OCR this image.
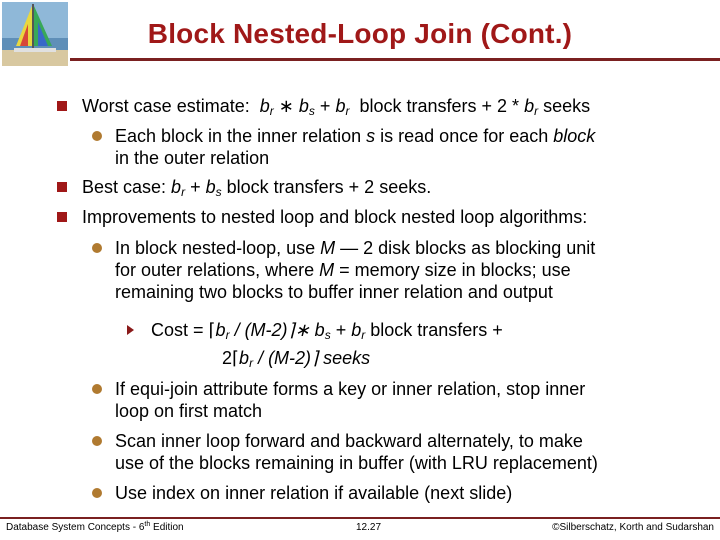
Block Nested-Loop Join (Cont.)
Worst case estimate: $b_r$ ∗ $b_s + b_r$ block transfers + $2 * b_r$ seeks
Each block in the inner relation s is read once for each block
in the outer relation
Best case: $b_r + b_s$ block transfers + 2 seeks.
Improvements to nested loop and block nested loop algorithms:
In block nested-loop, use M — 2 disk blocks as blocking unit
for outer relations, where M = memory size in blocks; use
remaining two blocks to buffer inner relation and output
Cost = $⌈b_r$ / (M-2)⌉∗ $b_s + b_r$ block transfers +
$2⌈b_r$ / (M-2)⌉ seeks
If equi-join attribute forms a key or inner relation, stop inner
loop on first match
Scan inner loop forward and backward alternately, to make
use of the blocks remaining in buffer (with LRU replacement)
Use index on inner relation if available (next slide)
Database System Concepts - 6th Edition	12.27	©Silberschatz, Korth and Sudarshan
